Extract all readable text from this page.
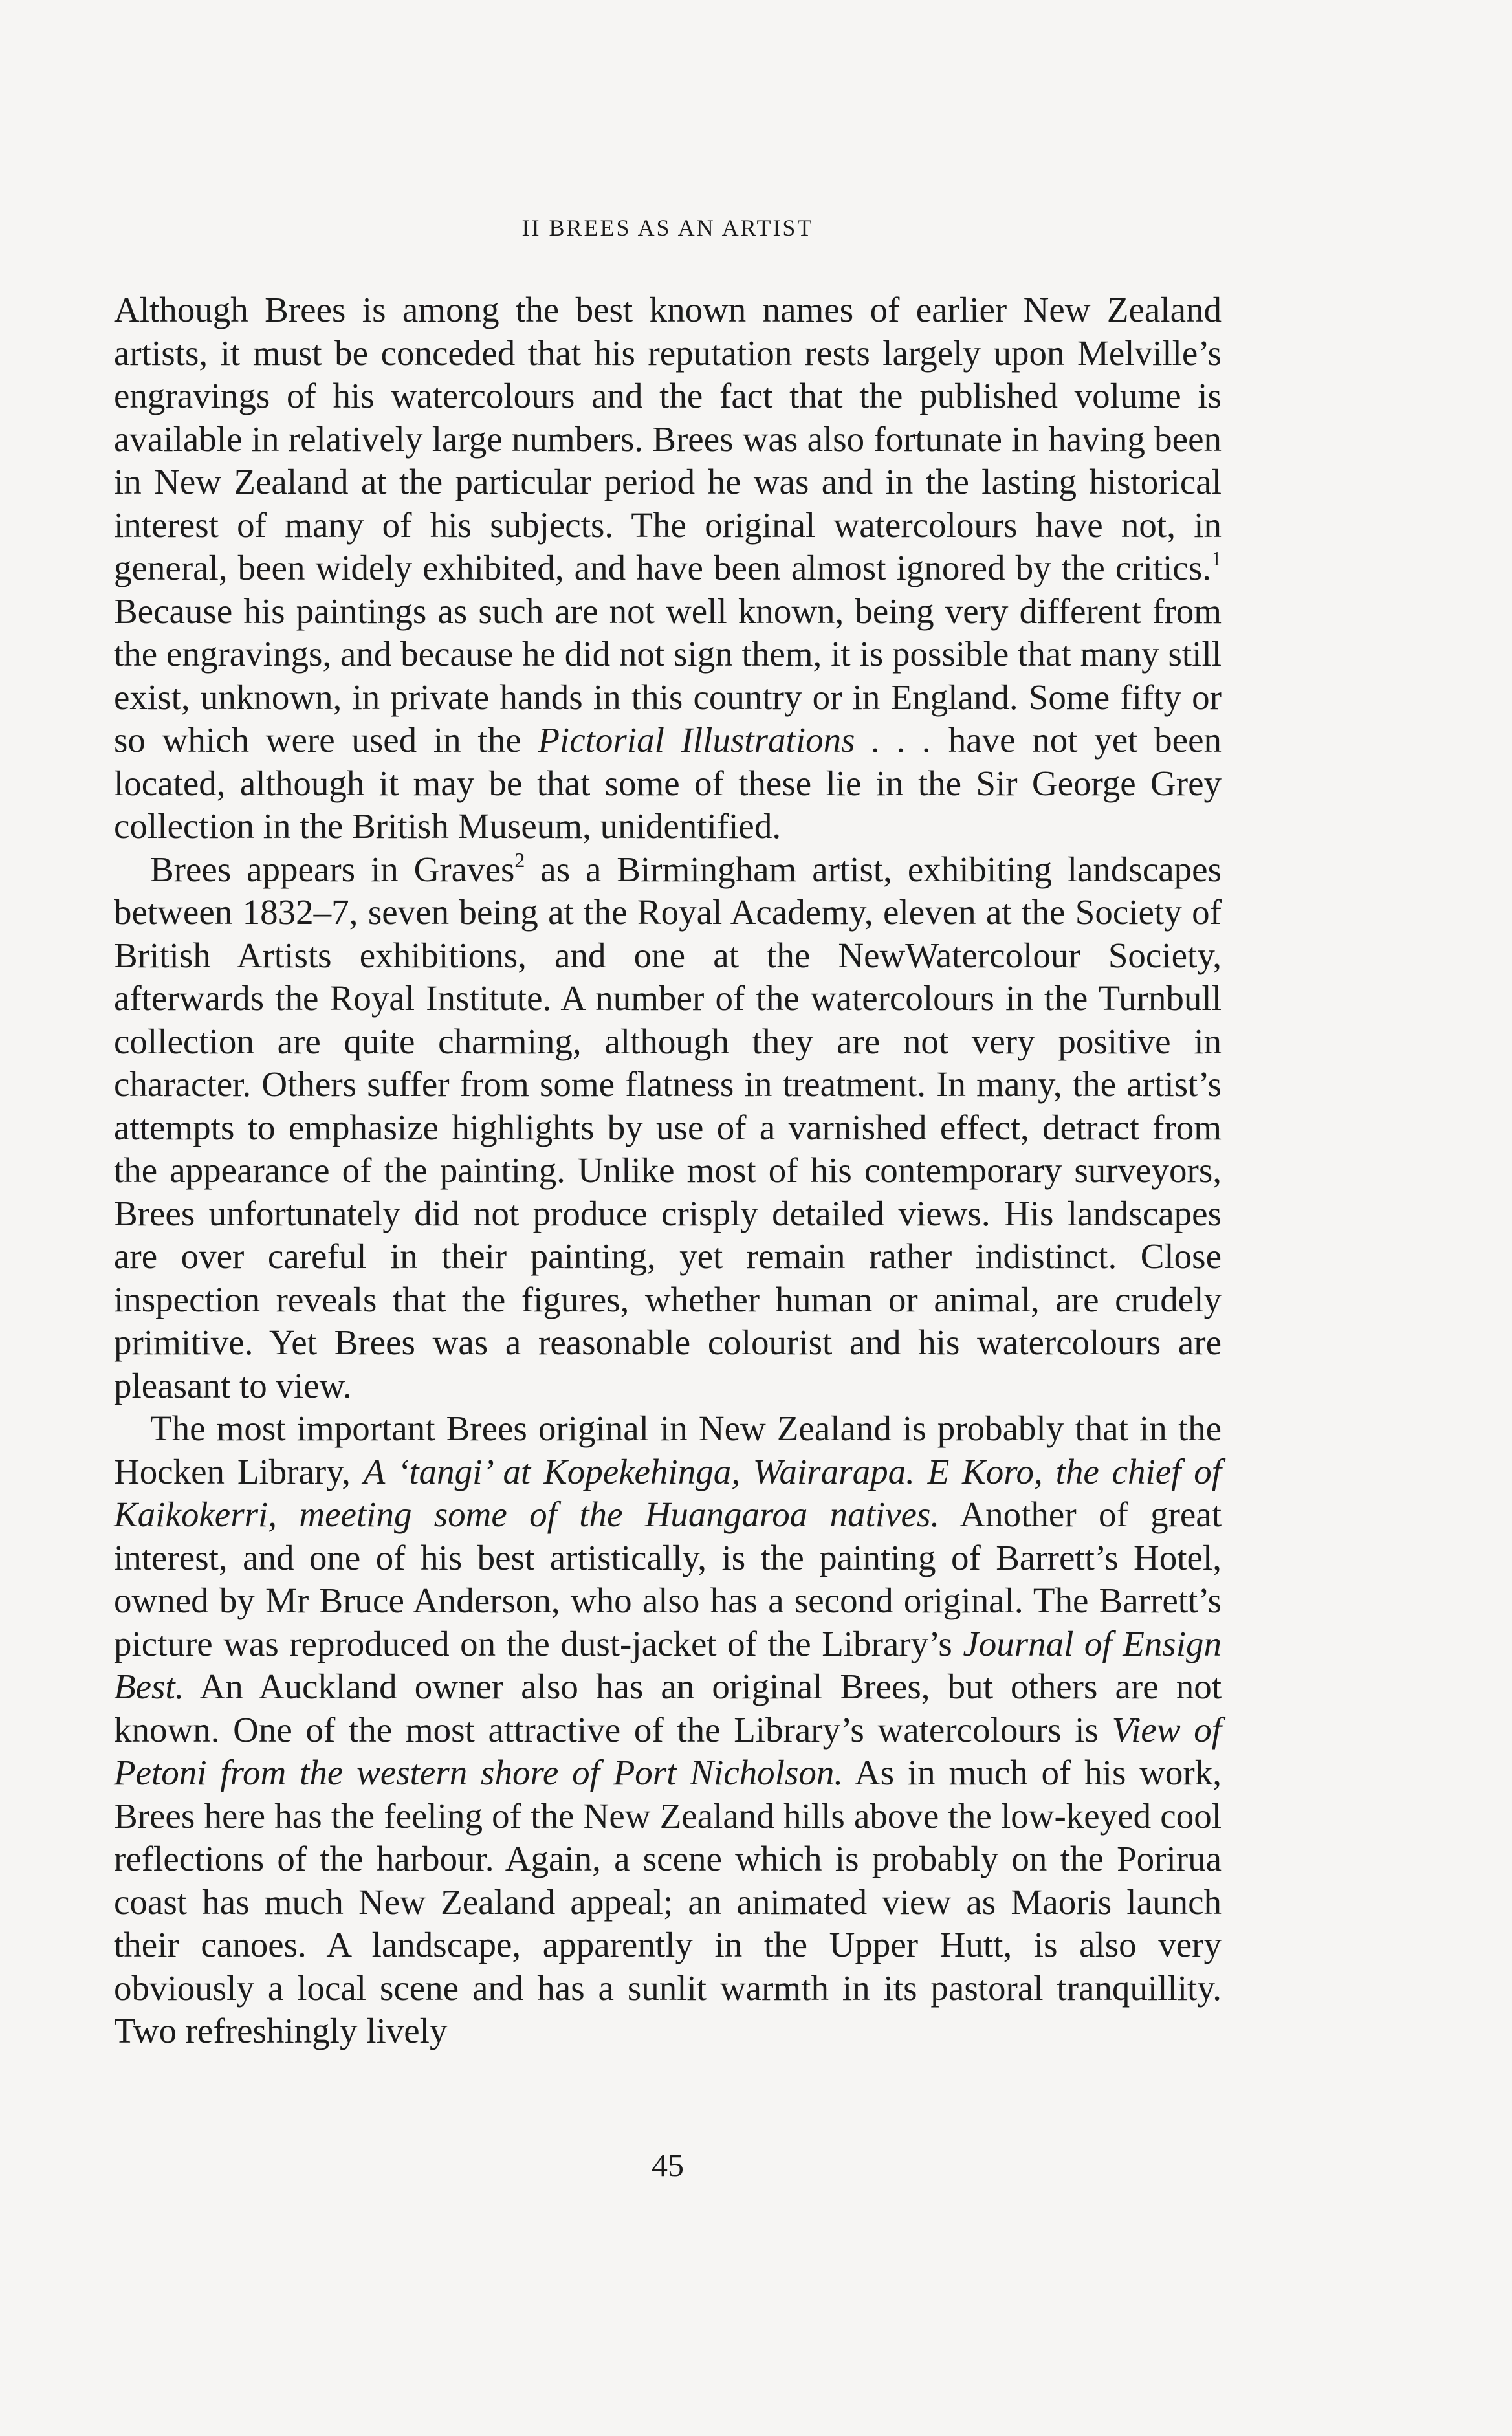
II BREES AS AN ARTIST

Although Brees is among the best known names of earlier New Zealand artists, it must be conceded that his reputation rests largely upon Melville’s engravings of his watercolours and the fact that the published volume is available in relatively large numbers. Brees was also fortunate in having been in New Zealand at the particular period he was and in the lasting historical interest of many of his subjects. The original watercolours have not, in general, been widely exhibited, and have been almost ignored by the critics.$^1$ Because his paintings as such are not well known, being very different from the engravings, and because he did not sign them, it is possible that many still exist, unknown, in private hands in this country or in England. Some fifty or so which were used in the Pictorial Illustrations . . . have not yet been located, although it may be that some of these lie in the Sir George Grey collection in the British Museum, unidentified.

Brees appears in Graves$^2$ as a Birmingham artist, exhibiting landscapes between 1832–7, seven being at the Royal Academy, eleven at the Society of British Artists exhibitions, and one at the NewWatercolour Society, afterwards the Royal Institute. A number of the watercolours in the Turnbull collection are quite charming, although they are not very positive in character. Others suffer from some flatness in treatment. In many, the artist’s attempts to emphasize highlights by use of a varnished effect, detract from the appearance of the painting. Unlike most of his contemporary surveyors, Brees unfortunately did not produce crisply detailed views. His landscapes are over careful in their painting, yet remain rather indistinct. Close inspection reveals that the figures, whether human or animal, are crudely primitive. Yet Brees was a reasonable colourist and his watercolours are pleasant to view.

The most important Brees original in New Zealand is probably that in the Hocken Library, A ‘tangi’ at Kopekehinga, Wairarapa. E Koro, the chief of Kaikokerri, meeting some of the Huangaroa natives. Another of great interest, and one of his best artistically, is the painting of Barrett’s Hotel, owned by Mr Bruce Anderson, who also has a second original. The Barrett’s picture was reproduced on the dust-jacket of the Library’s Journal of Ensign Best. An Auckland owner also has an original Brees, but others are not known. One of the most attractive of the Library’s watercolours is View of Petoni from the western shore of Port Nicholson. As in much of his work, Brees here has the feeling of the New Zealand hills above the low-keyed cool reflections of the harbour. Again, a scene which is probably on the Porirua coast has much New Zealand appeal; an animated view as Maoris launch their canoes. A landscape, apparently in the Upper Hutt, is also very obviously a local scene and has a sunlit warmth in its pastoral tranquillity. Two refreshingly lively

45
